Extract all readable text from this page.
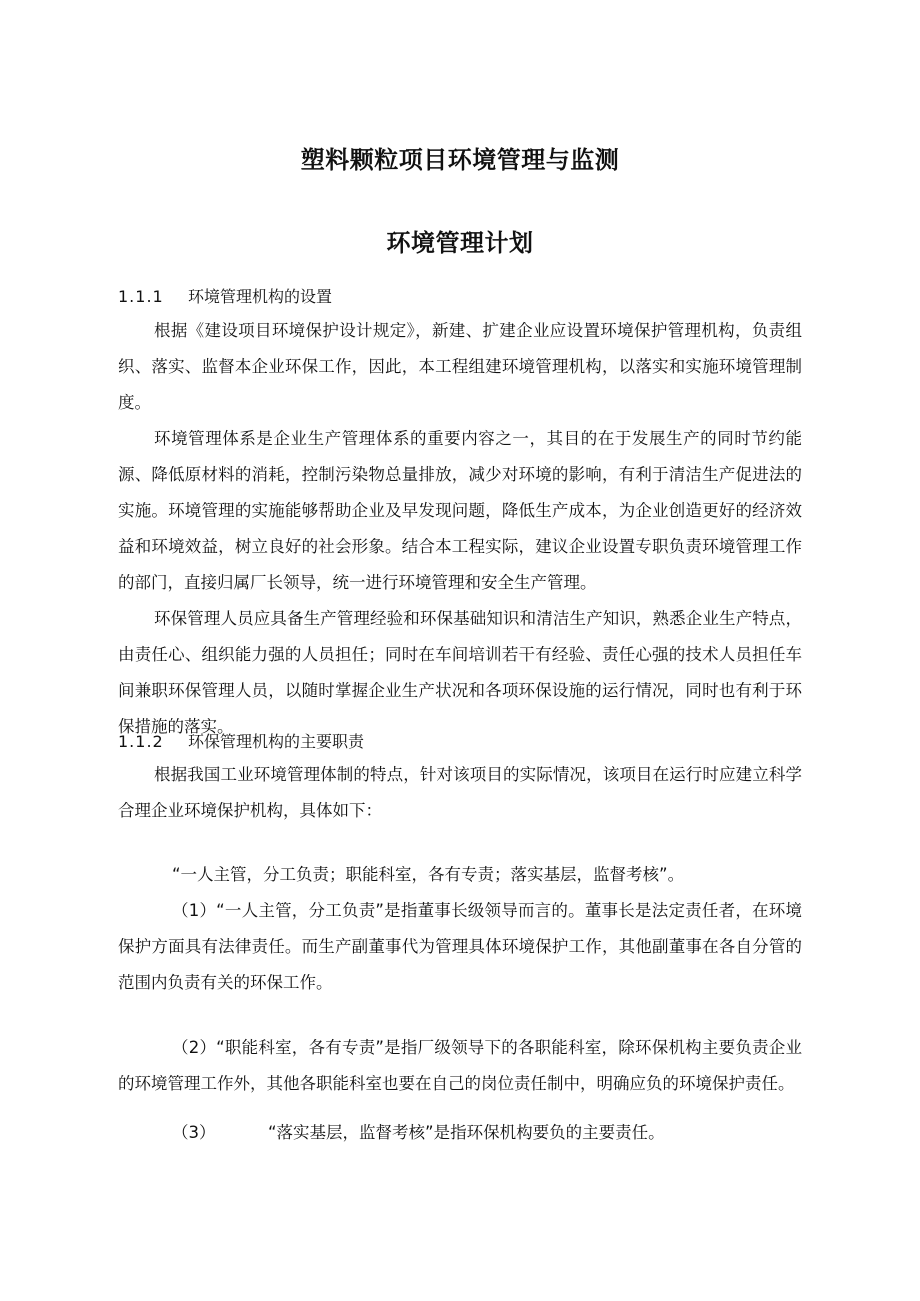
塑料颗粒项目环境管理与监测
环境管理计划
1.1.1 环境管理机构的设置
根据《建设项目环境保护设计规定》，新建、扩建企业应设置环境保护管理机构，负责组织、落实、监督本企业环保工作，因此，本工程组建环境管理机构，以落实和实施环境管理制度。
环境管理体系是企业生产管理体系的重要内容之一，其目的在于发展生产的同时节约能源、降低原材料的消耗，控制污染物总量排放，减少对环境的影响，有利于清洁生产促进法的实施。环境管理的实施能够帮助企业及早发现问题，降低生产成本，为企业创造更好的经济效益和环境效益，树立良好的社会形象。结合本工程实际，建议企业设置专职负责环境管理工作的部门，直接归属厂长领导，统一进行环境管理和安全生产管理。
环保管理人员应具备生产管理经验和环保基础知识和清洁生产知识，熟悉企业生产特点，由责任心、组织能力强的人员担任；同时在车间培训若干有经验、责任心强的技术人员担任车间兼职环保管理人员，以随时掌握企业生产状况和各项环保设施的运行情况，同时也有利于环保措施的落实。
1.1.2 环保管理机构的主要职责
根据我国工业环境管理体制的特点，针对该项目的实际情况，该项目在运行时应建立科学合理企业环境保护机构，具体如下：
“一人主管，分工负责；职能科室，各有专责；落实基层，监督考核”。
（1）“一人主管，分工负责”是指董事长级领导而言的。董事长是法定责任者，在环境保护方面具有法律责任。而生产副董事代为管理具体环境保护工作，其他副董事在各自分管的范围内负责有关的环保工作。
（2）“职能科室，各有专责”是指厂级领导下的各职能科室，除环保机构主要负责企业的环境管理工作外，其他各职能科室也要在自己的岗位责任制中，明确应负的环境保护责任。
（3）	“落实基层，监督考核”是指环保机构要负的主要责任。
